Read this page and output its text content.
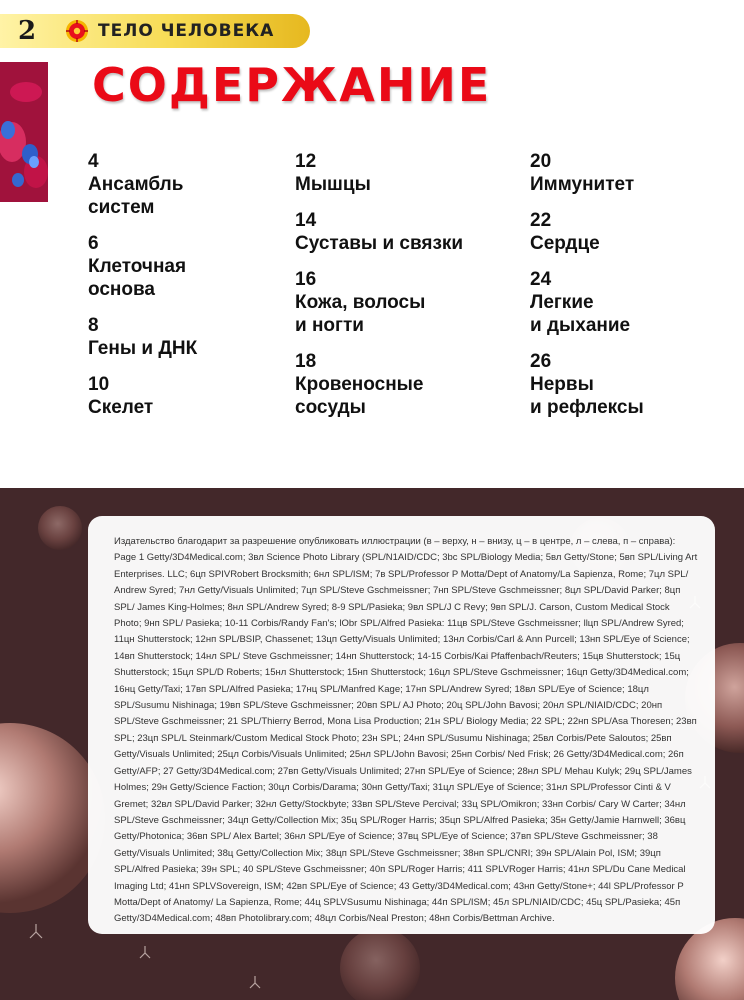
2	ТЕЛО ЧЕЛОВЕКА
СОДЕРЖАНИЕ
4
Ансамбль
систем
6
Клеточная
основа
8
Гены и ДНК
10
Скелет
12
Мышцы
14
Суставы и связки
16
Кожа, волосы
и ногти
18
Кровеносные
сосуды
20
Иммунитет
22
Сердце
24
Легкие
и дыхание
26
Нервы
и рефлексы

Издательство благодарит за разрешение опубликовать иллюстрации (в – верху, н – внизу, ц – в центре, л – слева, п – справа): Page 1 Getty/3D4Medical.com; 3вл Science Photo Library (SPL/N1AID/CDC; 3bc SPL/Biology Media; 5вл Getty/Stone; 5вп SPL/Living Art Enterprises. LLC; 6цп SPIVRobert Brocksmith; 6нл SPL/ISM; 7в SPL/Professor P Motta/Dept of Anatomy/La Sapienza, Rome; 7цл SPL/ Andrew Syred; 7нл Getty/Visuals Unlimited; 7цп SPL/Steve Gschmeissner; 7нп SPL/Steve Gschmeissner; 8цл SPL/David Parker; 8цп SPL/ James King-Holmes; 8нл SPL/Andrew Syred; 8-9 SPL/Pasieka; 9вл SPL/J C Revy; 9вп SPL/J. Carson, Custom Medical Stock Photo; 9нп SPL/ Pasieka; 10-11 Corbis/Randy Fan's; lObr SPL/Alfred Pasieka: 11цв SPL/Steve Gschmeissner; llцп SPL/Andrew Syred; 11цн Shutterstock; 12нп SPL/BSIP, Chassenet; 13цп Getty/Visuals Unlimited; 13нл Corbis/Carl & Ann Purcell; 13нп SPL/Eye of Science; 14вп Shutterstock; 14нл SPL/ Steve Gschmeissner; 14нп Shutterstock; 14-15 Corbis/Kai Pfaffenbach/Reuters; 15цв Shutterstock; 15ц Shutterstock; 15цл SPL/D Roberts; 15нл Shutterstock; 15нп Shutterstock; 16цл SPL/Steve Gschmeissner; 16цп Getty/3D4Medical.com; 16нц Getty/Taxi; 17вп SPL/Alfred Pasieka; 17нц SPL/Manfred Kage; 17нп SPL/Andrew Syred; 18вл SPL/Eye of Science; 18цл SPL/Susumu Nishinaga; 19вп SPL/Steve Gschmeissner; 20вп SPL/ AJ Photo; 20ц SPL/John Bavosi; 20нл SPL/NIAID/CDC; 20нп SPL/Steve Gschmeissner; 21 SPL/Thierry Berrod, Mona Lisa Production; 21н SPL/ Biology Media; 22 SPL; 22нп SPL/Asa Thoresen; 23вп SPL; 23цп SPL/L Steinmark/Custom Medical Stock Photo; 23н SPL; 24нп SPL/Susumu Nishinaga; 25вл Corbis/Pete Saloutos; 25вп Getty/Visuals Unlimited; 25цл Corbis/Visuals Unlimited; 25нл SPL/John Bavosi; 25нп Corbis/ Ned Frisk; 26 Getty/3D4Medical.com; 26п Getty/AFP; 27 Getty/3D4Medical.com; 27вп Getty/Visuals Unlimited; 27нп SPL/Eye of Science; 28нл SPL/ Mehau Kulyk; 29ц SPL/James Holmes; 29н Getty/Science Faction; 30цл Corbis/Darama; 30нп Getty/Taxi; 31цл SPL/Eye of Science; 31нл SPL/Professor Cinti & V Gremet; 32вл SPL/David Parker; 32нл Getty/Stockbyte; 33вп SPL/Steve Percival; 33ц SPL/Omikron; 33нп Corbis/ Cary W Carter; 34нл SPL/Steve Gschmeissner; 34цп Getty/Collection Mix; 35ц SPL/Roger Harris; 35цп SPL/Alfred Pasieka; 35н Getty/Jamie Harnwell; 36вц Getty/Photonica; 36вп SPL/ Alex Bartel; 36нл SPL/Eye of Science; 37вц SPL/Eye of Science; 37вп SPL/Steve Gschmeissner; 38 Getty/Visuals Unlimited; 38ц Getty/Collection Mix; 38цп SPL/Steve Gschmeissner; 38нп SPL/CNRI; 39н SPL/Alain Pol, ISM; 39цп SPL/Alfred Pasieka; 39н SPL; 40 SPL/Steve Gschmeissner; 40п SPL/Roger Harris; 411 SPLVRoger Harris; 41нл SPL/Du Cane Medical Imaging Ltd; 41нп SPLVSovereign, ISM; 42вп SPL/Eye of Science; 43 Getty/3D4Medical.com; 43нп Getty/Stone+; 44l SPL/Professor P Motta/Dept of Anatomy/ La Sapienza, Rome; 44ц SPLVSusumu Nishinaga; 44п SPL/ISM; 45л SPL/NIAID/CDC; 45ц SPL/Pasieka; 45п Getty/3D4Medical.com; 48вп Photolibrary.com; 48цл Corbis/Neal Preston; 48нп Corbis/Bettman Archive.
